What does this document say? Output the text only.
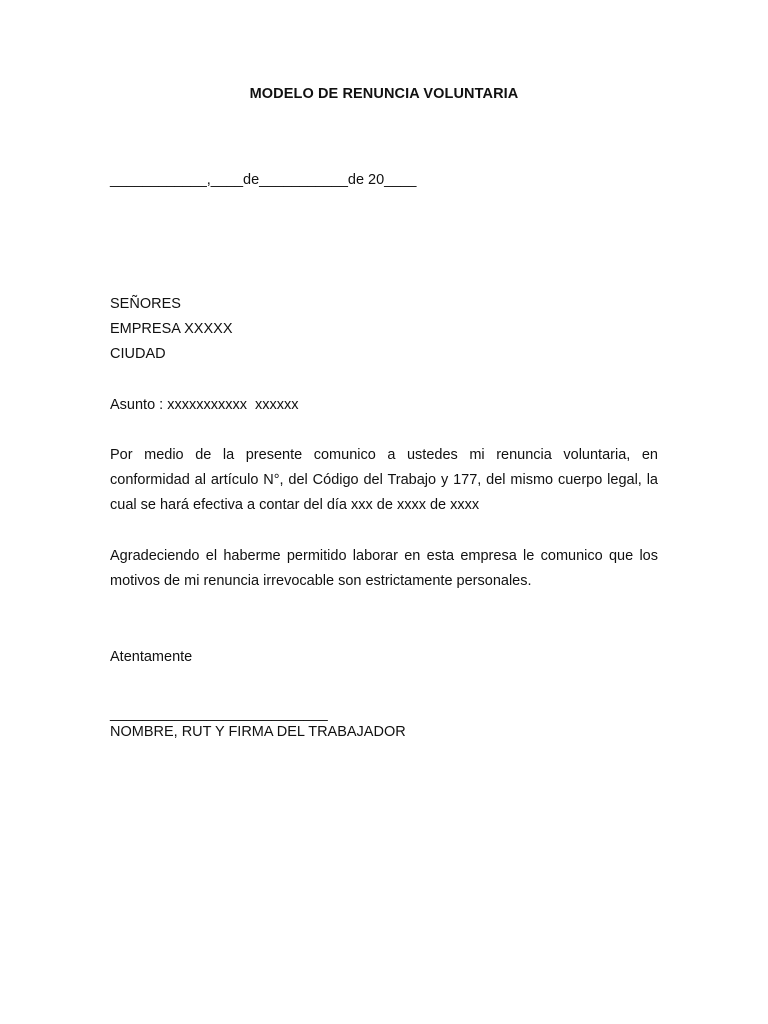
MODELO DE RENUNCIA VOLUNTARIA
____________,____de___________de 20____
SEÑORES
EMPRESA XXXXX
CIUDAD
Asunto : xxxxxxxxxxx  xxxxxx
Por medio de la presente comunico a ustedes mi renuncia voluntaria, en conformidad al artículo N°, del Código del Trabajo y 177, del mismo cuerpo legal, la cual se hará efectiva a contar del día xxx de xxxx de xxxx
Agradeciendo el haberme permitido laborar en esta empresa le comunico que los motivos de mi renuncia irrevocable son estrictamente personales.
Atentamente
___________________________
NOMBRE, RUT Y FIRMA DEL TRABAJADOR
